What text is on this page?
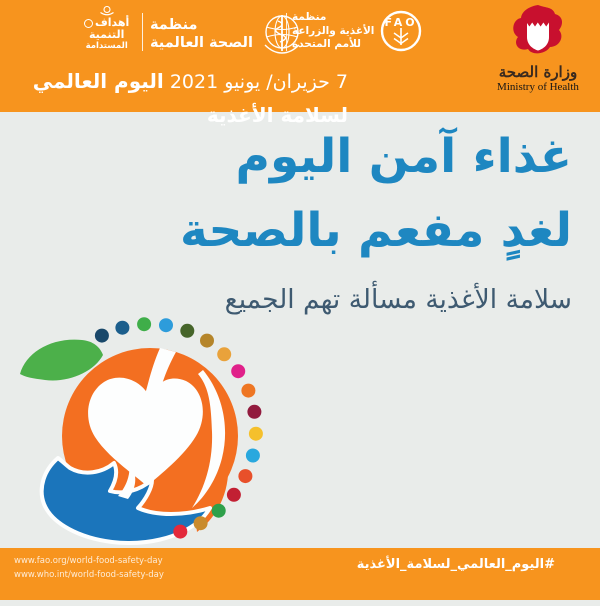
أهداف
التنمية
المستدامة
منظمة
الصحة العالمية
منظمة
الأغذية والزراعة
للأمم المتحدة
FAO
وزارة الصحة
Ministry of Health
7 حزيران/ يونيو 2021 اليوم العالمي لسلامة الأغذية
غذاء آمن اليوم
لغدٍ مفعم بالصحة
سلامة الأغذية مسألة تهم الجميع
www.fao.org/world-food-safety-day
www.who.int/world-food-safety-day
#اليوم_العالمي_لسلامة_الأغذية
